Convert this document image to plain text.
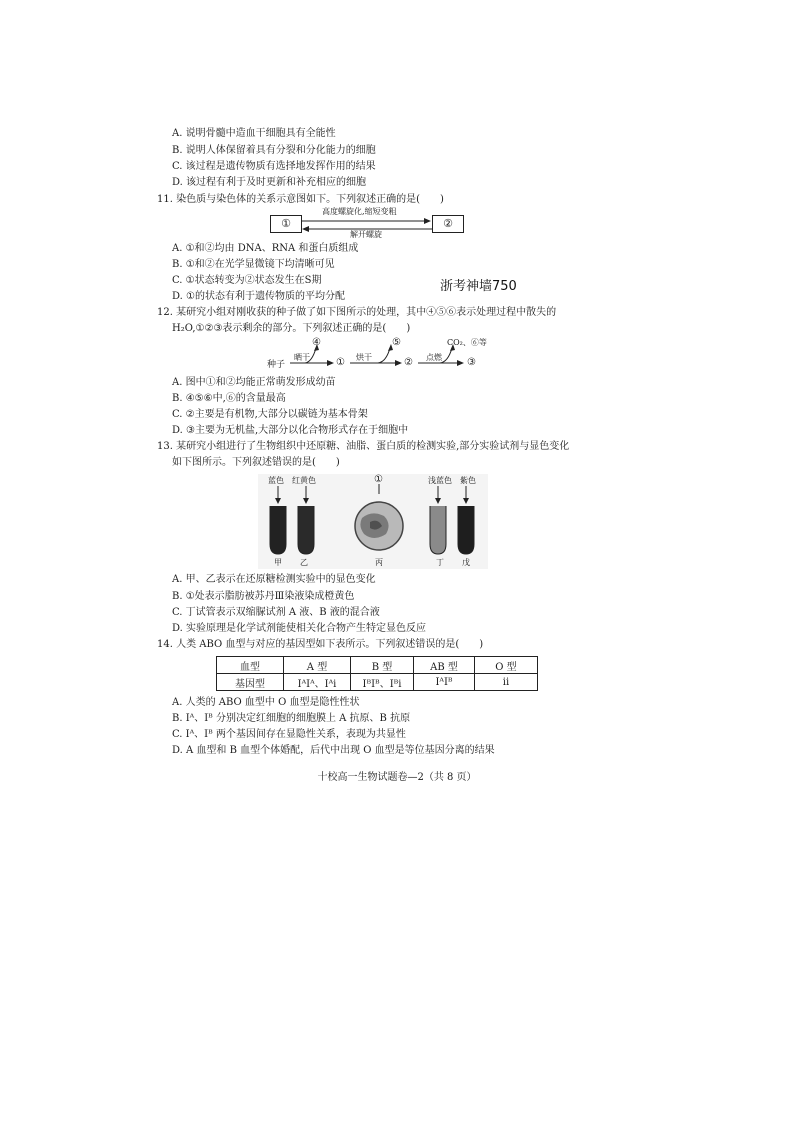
A. 说明骨髓中造血干细胞具有全能性
B. 说明人体保留着具有分裂和分化能力的细胞
C. 该过程是遗传物质有选择地发挥作用的结果
D. 该过程有利于及时更新和补充相应的细胞
11. 染色质与染色体的关系示意图如下。下列叙述正确的是(　　)
①	②
高度螺旋化,缩短变粗
解开螺旋
A. ①和②均由 DNA、RNA 和蛋白质组成
B. ①和②在光学显微镜下均清晰可见
C. ①状态转变为②状态发生在S期	浙考神墙750
D. ①的状态有利于遗传物质的平均分配
12. 某研究小组对刚收获的种子做了如下图所示的处理，其中④⑤⑥表示处理过程中散失的
H₂O,①②③表示剩余的部分。下列叙述正确的是(　　)
种子
晒干
④
① 烘干
⑤
② 点燃
CO₂、⑥等
③
A. 图中①和②均能正常萌发形成幼苗
B. ④⑤⑥中,⑥的含量最高
C. ②主要是有机物,大部分以碳链为基本骨架
D. ③主要为无机盐,大部分以化合物形式存在于细胞中
13. 某研究小组进行了生物组织中还原糖、油脂、蛋白质的检测实验,部分实验试剂与显色变化
如下图所示。下列叙述错误的是(　　)
蓝色 红黄色	①	浅蓝色 紫色
甲 乙	丙	丁 戊
A. 甲、乙表示在还原糖检测实验中的显色变化
B. ①处表示脂肪被苏丹Ⅲ染液染成橙黄色
C. 丁试管表示双缩脲试剂 A 液、B 液的混合液
D. 实验原理是化学试剂能使相关化合物产生特定显色反应
14. 人类 ABO 血型与对应的基因型如下表所示。下列叙述错误的是(　　)
血型	A 型	B 型	AB 型	O 型
基因型	IᴬIᴬ、Iᴬi	IᴮIᴮ、Iᴮi	IᴬIᴮ	ii
A. 人类的 ABO 血型中 O 血型是隐性性状
B. Iᴬ、Iᴮ 分别决定红细胞的细胞膜上 A 抗原、B 抗原
C. Iᴬ、Iᴮ 两个基因间存在显隐性关系，表现为共显性
D. A 血型和 B 血型个体婚配，后代中出现 O 血型是等位基因分离的结果
十校高一生物试题卷—2（共 8 页）
